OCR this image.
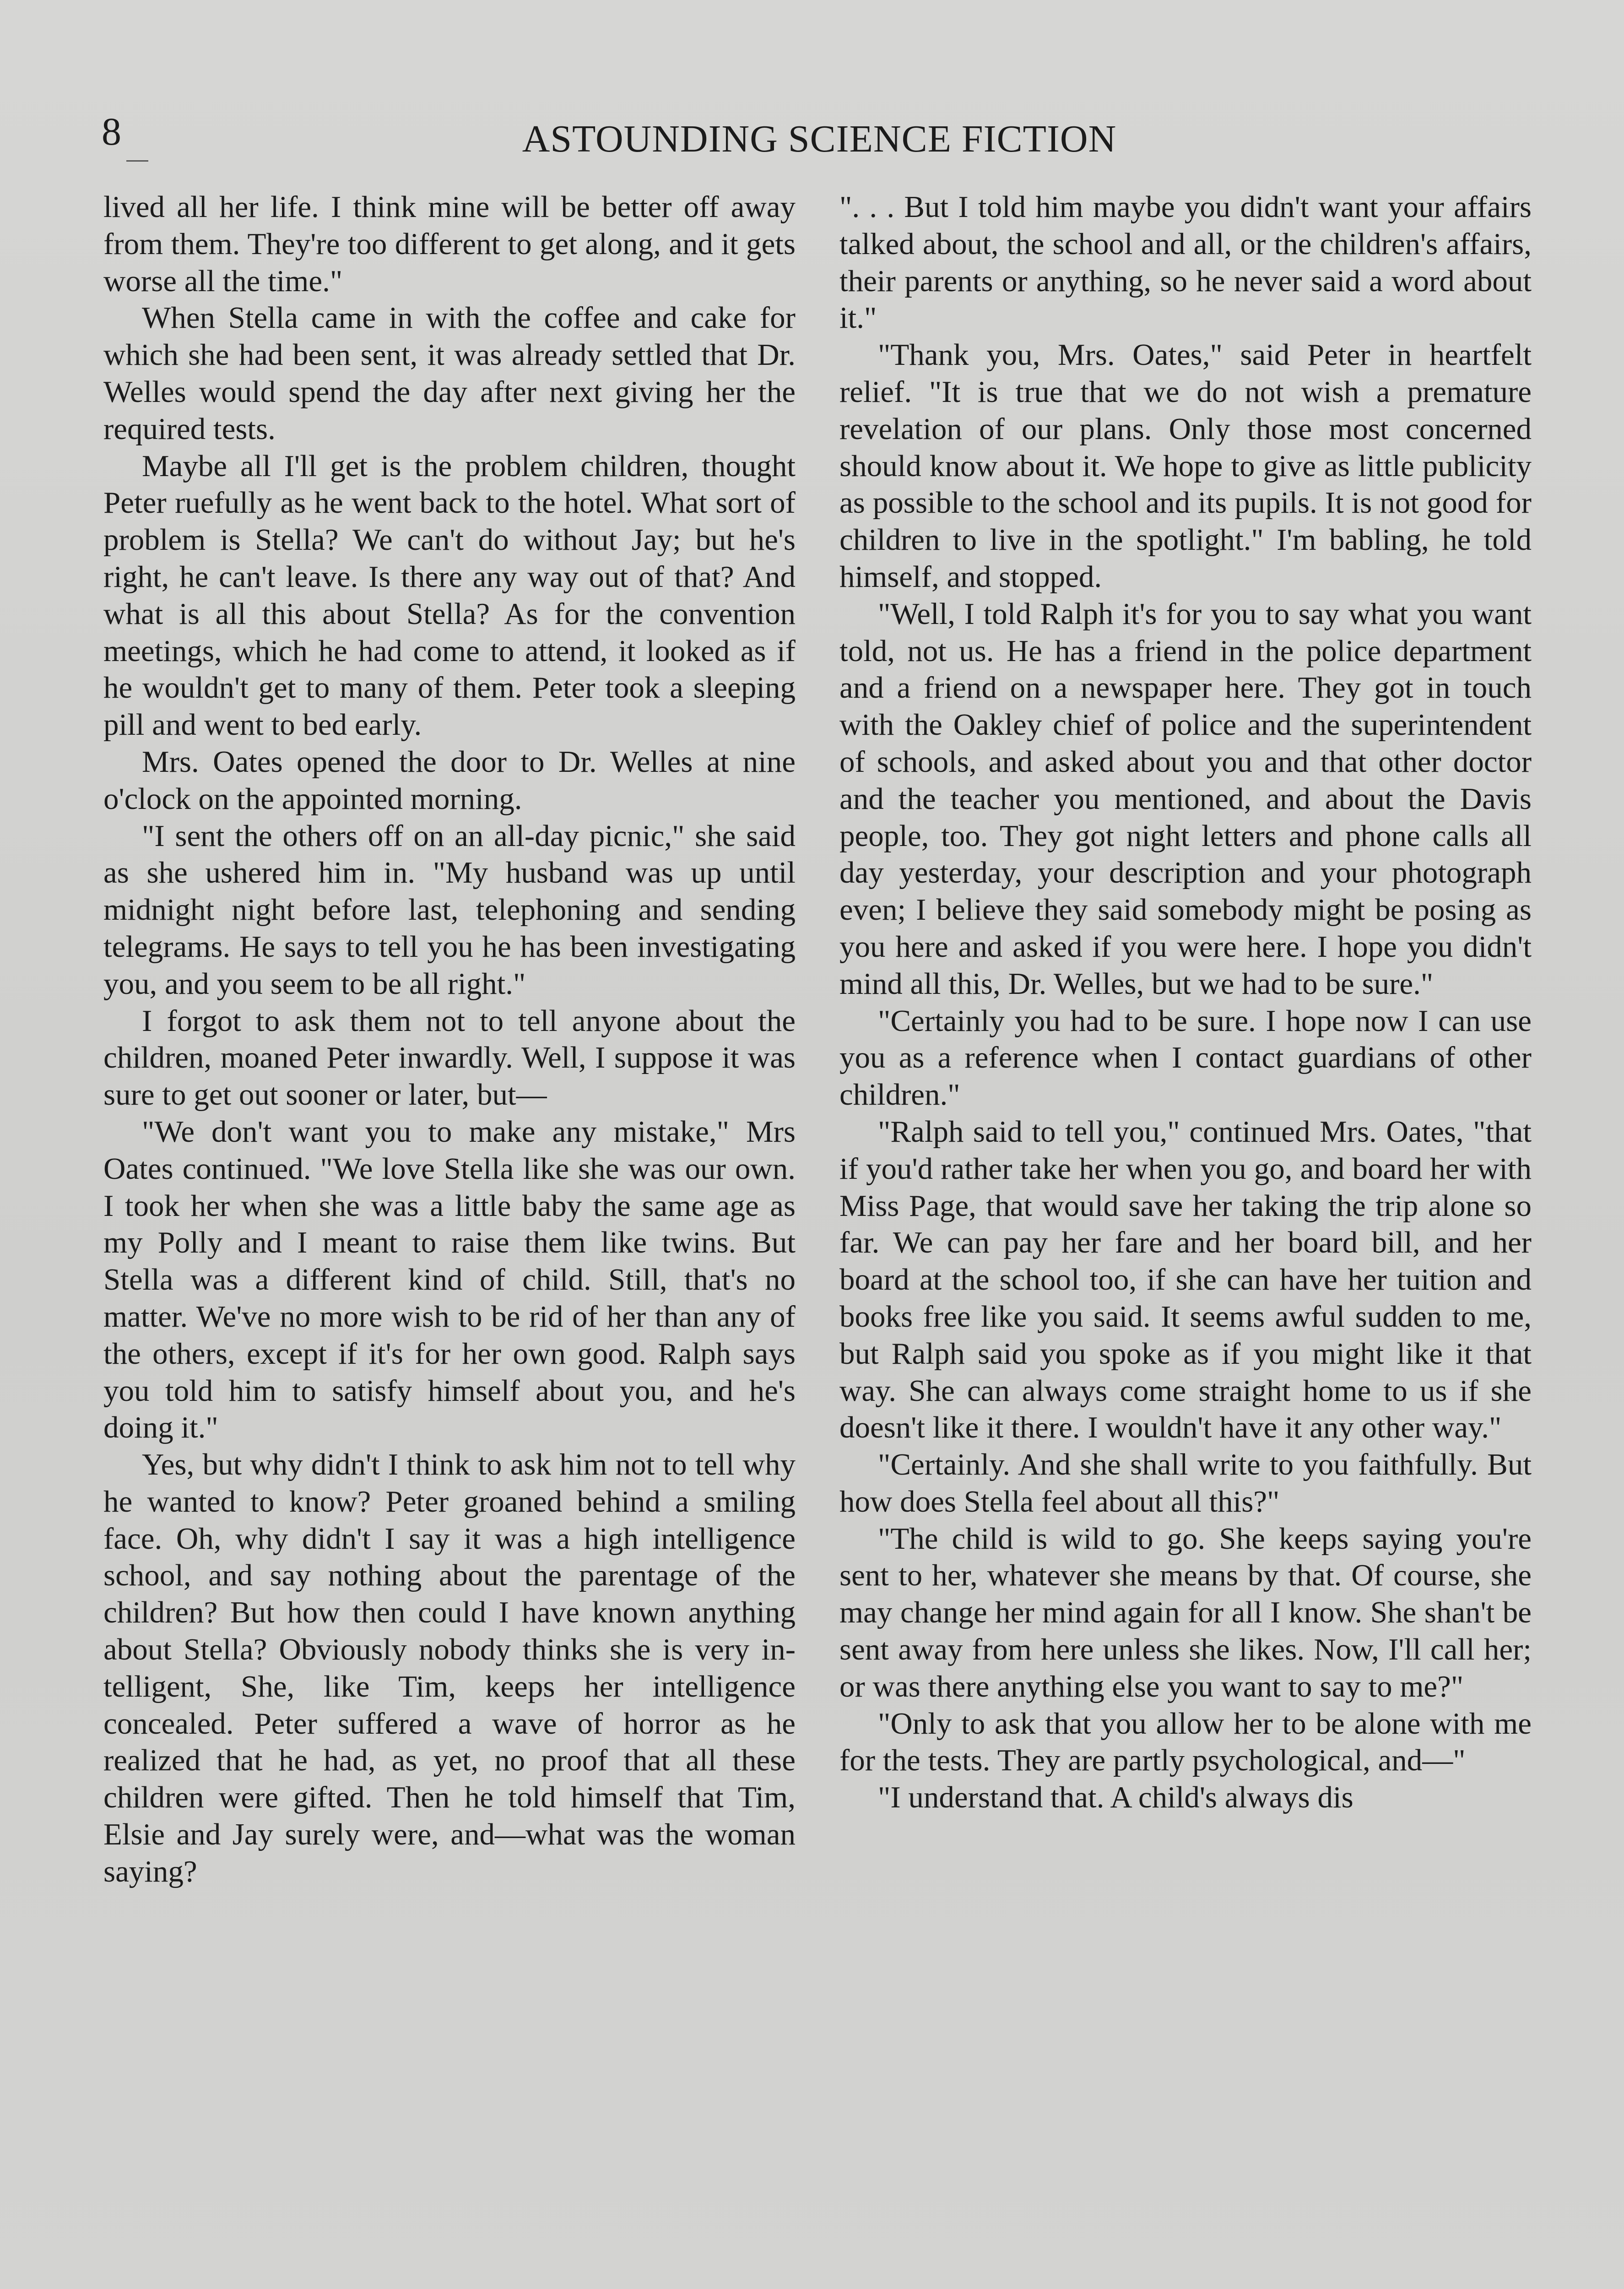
8	ASTOUNDING SCIENCE FICTION

lived all her life. I think mine will be better off away from them. They're too different to get along, and it gets worse all the time."

When Stella came in with the coffee and cake for which she had been sent, it was already settled that Dr. Welles would spend the day after next giving her the required tests.

Maybe all I'll get is the problem children, thought Peter ruefully as he went back to the hotel. What sort of problem is Stella? We can't do without Jay; but he's right, he can't leave. Is there any way out of that? And what is all this about Stella? As for the convention meetings, which he had come to attend, it looked as if he wouldn't get to many of them. Peter took a sleeping pill and went to bed early.

Mrs. Oates opened the door to Dr. Welles at nine o'clock on the appointed morning.

"I sent the others off on an all-day picnic," she said as she ushered him in. "My husband was up until midnight night before last, telephoning and sending telegrams. He says to tell you he has been investigating you, and you seem to be all right."

I forgot to ask them not to tell anyone about the children, moaned Peter inwardly. Well, I suppose it was sure to get out sooner or later, but—

"We don't want you to make any mistake," Mrs Oates continued. "We love Stella like she was our own. I took her when she was a little baby the same age as my Polly and I meant to raise them like twins. But Stella was a different kind of child. Still, that's no matter. We've no more wish to be rid of her than any of the others, except if it's for her own good. Ralph says you told him to satisfy himself about you, and he's doing it."

Yes, but why didn't I think to ask him not to tell why he wanted to know? Peter groaned behind a smiling face. Oh, why didn't I say it was a high intelligence school, and say nothing about the parentage of the children? But how then could I have known anything about Stella? Obviously nobody thinks she is very intelligent, She, like Tim, keeps her intelligence concealed. Peter suffered a wave of horror as he realized that he had, as yet, no proof that all these children were gifted. Then he told himself that Tim, Elsie and Jay surely were, and—what was the woman saying?

". . . But I told him maybe you didn't want your affairs talked about, the school and all, or the children's affairs, their parents or anything, so he never said a word about it."

"Thank you, Mrs. Oates," said Peter in heartfelt relief. "It is true that we do not wish a premature revelation of our plans. Only those most concerned should know about it. We hope to give as little publicity as possible to the school and its pupils. It is not good for children to live in the spotlight." I'm babling, he told himself, and stopped.

"Well, I told Ralph it's for you to say what you want told, not us. He has a friend in the police department and a friend on a newspaper here. They got in touch with the Oakley chief of police and the superintendent of schools, and asked about you and that other doctor and the teacher you mentioned, and about the Davis people, too. They got night letters and phone calls all day yesterday, your description and your photograph even; I believe they said somebody might be posing as you here and asked if you were here. I hope you didn't mind all this, Dr. Welles, but we had to be sure."

"Certainly you had to be sure. I hope now I can use you as a reference when I contact guardians of other children."

"Ralph said to tell you," continued Mrs. Oates, "that if you'd rather take her when you go, and board her with Miss Page, that would save her taking the trip alone so far. We can pay her fare and her board bill, and her board at the school too, if she can have her tuition and books free like you said. It seems awful sudden to me, but Ralph said you spoke as if you might like it that way. She can always come straight home to us if she doesn't like it there. I wouldn't have it any other way."

"Certainly. And she shall write to you faithfully. But how does Stella feel about all this?"

"The child is wild to go. She keeps saying you're sent to her, whatever she means by that. Of course, she may change her mind again for all I know. She shan't be sent away from here unless she likes. Now, I'll call her; or was there anything else you want to say to me?"

"Only to ask that you allow her to be alone with me for the tests. They are partly psychological, and—"

"I understand that. A child's always dis
